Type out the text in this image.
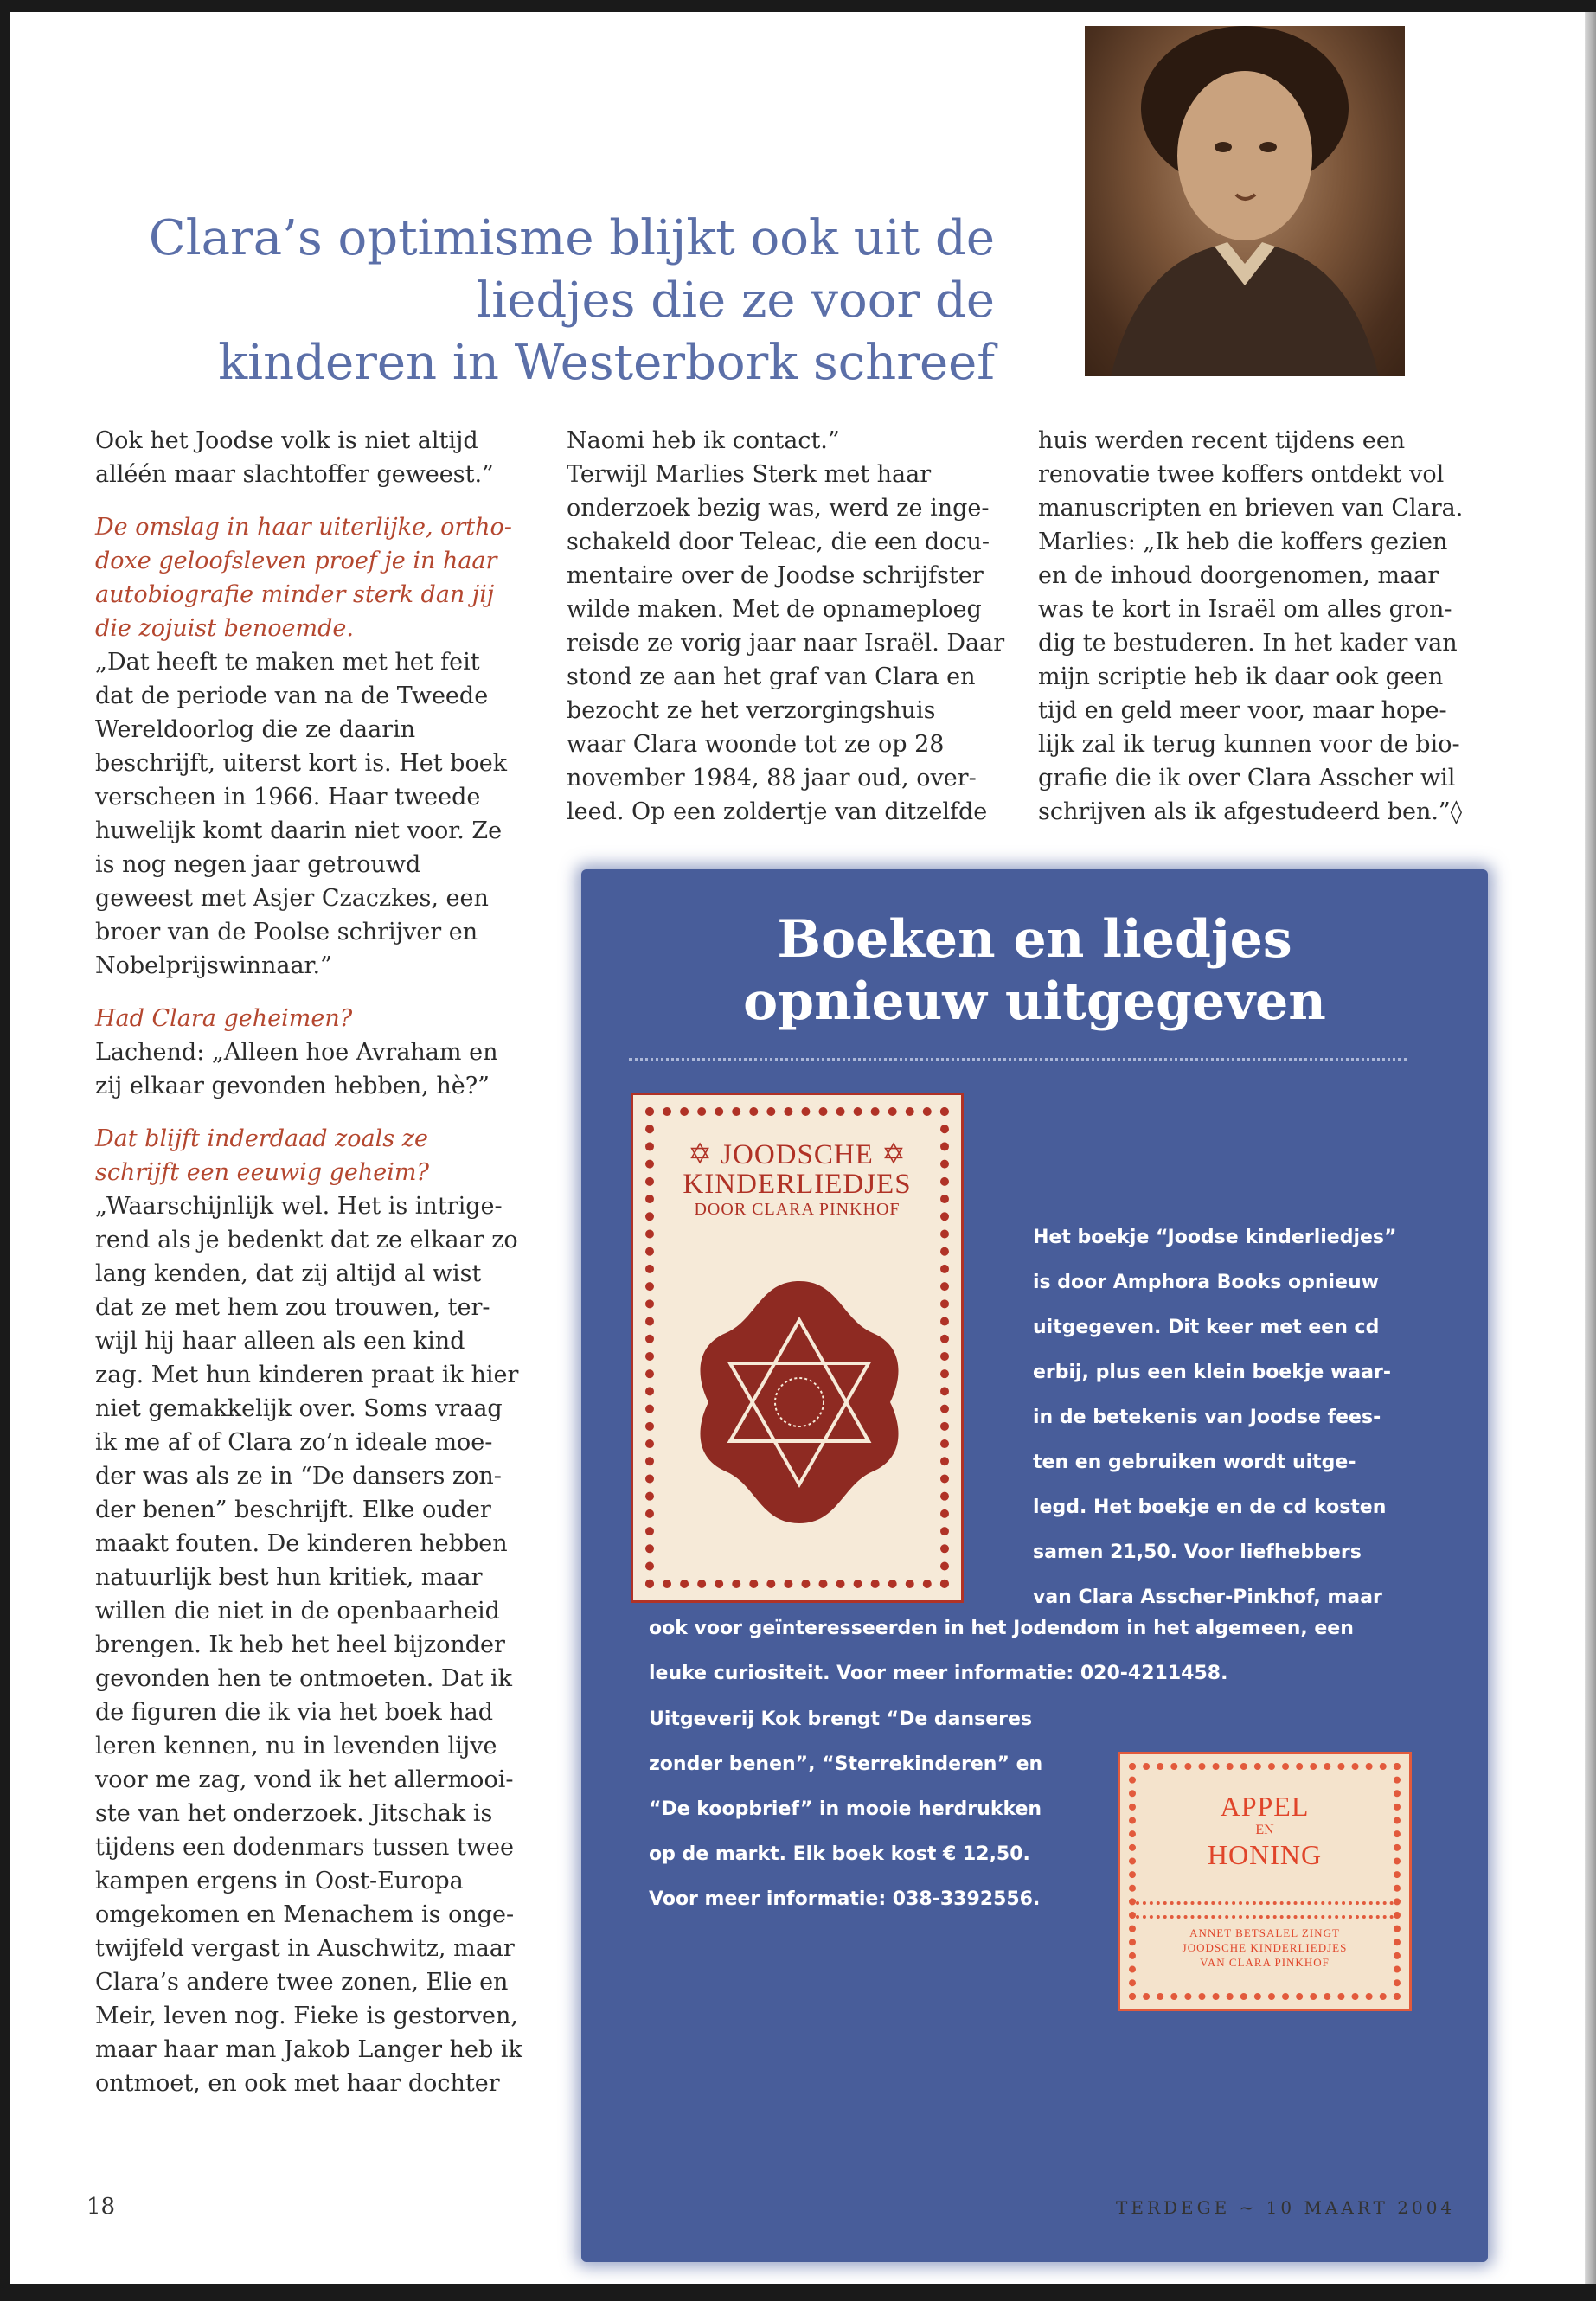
Clara’s optimisme blijkt ook uit de
liedjes die ze voor de
kinderen in Westerbork schreef
Ook het Joodse volk is niet altijd
alléén maar slachtoffer geweest.”
De omslag in haar uiterlijke, ortho-
doxe geloofsleven proef je in haar
autobiografie minder sterk dan jij
die zojuist benoemde.
„Dat heeft te maken met het feit
dat de periode van na de Tweede
Wereldoorlog die ze daarin
beschrijft, uiterst kort is. Het boek
verscheen in 1966. Haar tweede
huwelijk komt daarin niet voor. Ze
is nog negen jaar getrouwd
geweest met Asjer Czaczkes, een
broer van de Poolse schrijver en
Nobelprijswinnaar.”
Had Clara geheimen?
Lachend: „Alleen hoe Avraham en
zij elkaar gevonden hebben, hè?”
Dat blijft inderdaad zoals ze
schrijft een eeuwig geheim?
„Waarschijnlijk wel. Het is intrige-
rend als je bedenkt dat ze elkaar zo
lang kenden, dat zij altijd al wist
dat ze met hem zou trouwen, ter-
wijl hij haar alleen als een kind
zag. Met hun kinderen praat ik hier
niet gemakkelijk over. Soms vraag
ik me af of Clara zo’n ideale moe-
der was als ze in “De dansers zon-
der benen” beschrijft. Elke ouder
maakt fouten. De kinderen hebben
natuurlijk best hun kritiek, maar
willen die niet in de openbaarheid
brengen. Ik heb het heel bijzonder
gevonden hen te ontmoeten. Dat ik
de figuren die ik via het boek had
leren kennen, nu in levenden lijve
voor me zag, vond ik het allermooi-
ste van het onderzoek. Jitschak is
tijdens een dodenmars tussen twee
kampen ergens in Oost-Europa
omgekomen en Menachem is onge-
twijfeld vergast in Auschwitz, maar
Clara’s andere twee zonen, Elie en
Meir, leven nog. Fieke is gestorven,
maar haar man Jakob Langer heb ik
ontmoet, en ook met haar dochter
Naomi heb ik contact.”
Terwijl Marlies Sterk met haar
onderzoek bezig was, werd ze inge-
schakeld door Teleac, die een docu-
mentaire over de Joodse schrijfster
wilde maken. Met de opnameploeg
reisde ze vorig jaar naar Israël. Daar
stond ze aan het graf van Clara en
bezocht ze het verzorgingshuis
waar Clara woonde tot ze op 28
november 1984, 88 jaar oud, over-
leed. Op een zoldertje van ditzelfde
huis werden recent tijdens een
renovatie twee koffers ontdekt vol
manuscripten en brieven van Clara.
Marlies: „Ik heb die koffers gezien
en de inhoud doorgenomen, maar
was te kort in Israël om alles gron-
dig te bestuderen. In het kader van
mijn scriptie heb ik daar ook geen
tijd en geld meer voor, maar hope-
lijk zal ik terug kunnen voor de bio-
grafie die ik over Clara Asscher wil
schrijven als ik afgestudeerd ben.”◊
Boeken en liedjes
opnieuw uitgegeven
✡ JOODSCHE ✡
KINDERLIEDJES
DOOR CLARA PINKHOF
Het boekje “Joodse kinderliedjes”
is door Amphora Books opnieuw
uitgegeven. Dit keer met een cd
erbij, plus een klein boekje waar-
in de betekenis van Joodse fees-
ten en gebruiken wordt uitge-
legd. Het boekje en de cd kosten
samen 21,50. Voor liefhebbers
van Clara Asscher-Pinkhof, maar
ook voor geïnteresseerden in het Jodendom in het algemeen, een
leuke curiositeit. Voor meer informatie: 020-4211458.
Uitgeverij Kok brengt “De danseres
zonder benen”, “Sterrekinderen” en
“De koopbrief” in mooie herdrukken
op de markt. Elk boek kost € 12,50.
Voor meer informatie: 038-3392556.
APPEL
EN
HONING
ANNET BETSALEL ZINGT
JOODSCHE KINDERLIEDJES
VAN CLARA PINKHOF
18	TERDEGE ~ 10 MAART 2004
